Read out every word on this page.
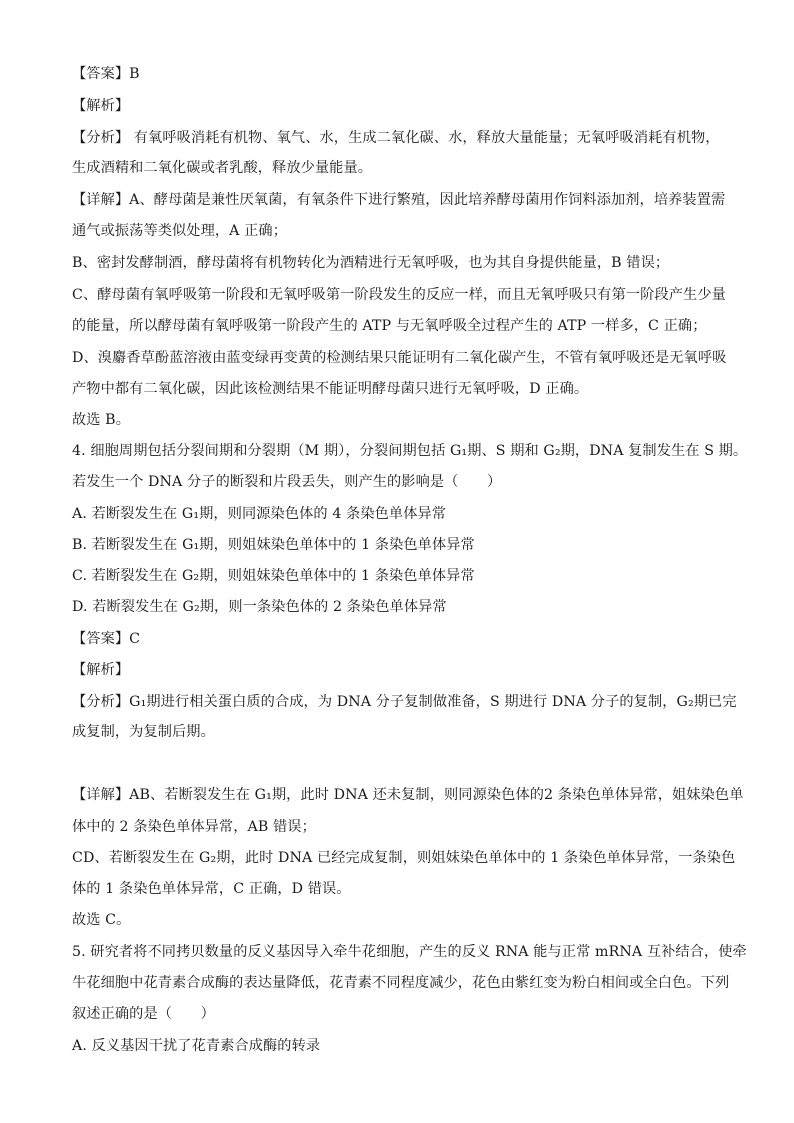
【答案】B
【解析】
【分析】 有氧呼吸消耗有机物、氧气、水，生成二氧化碳、水，释放大量能量；无氧呼吸消耗有机物，
生成酒精和二氧化碳或者乳酸，释放少量能量。
【详解】A、酵母菌是兼性厌氧菌，有氧条件下进行繁殖，因此培养酵母菌用作饲料添加剂，培养装置需
通气或振荡等类似处理，A 正确；
B、密封发酵制酒，酵母菌将有机物转化为酒精进行无氧呼吸，也为其自身提供能量，B 错误；
C、酵母菌有氧呼吸第一阶段和无氧呼吸第一阶段发生的反应一样，而且无氧呼吸只有第一阶段产生少量
的能量，所以酵母菌有氧呼吸第一阶段产生的 ATP 与无氧呼吸全过程产生的 ATP 一样多，C 正确；
D、溴麝香草酚蓝溶液由蓝变绿再变黄的检测结果只能证明有二氧化碳产生，不管有氧呼吸还是无氧呼吸
产物中都有二氧化碳，因此该检测结果不能证明酵母菌只进行无氧呼吸，D 正确。
故选 B。
4. 细胞周期包括分裂间期和分裂期（M 期），分裂间期包括 G₁期、S 期和 G₂期，DNA 复制发生在 S 期。
若发生一个 DNA 分子的断裂和片段丢失，则产生的影响是（　　）
A. 若断裂发生在 G₁期，则同源染色体的 4 条染色单体异常
B. 若断裂发生在 G₁期，则姐妹染色单体中的 1 条染色单体异常
C. 若断裂发生在 G₂期，则姐妹染色单体中的 1 条染色单体异常
D. 若断裂发生在 G₂期，则一条染色体的 2 条染色单体异常
【答案】C
【解析】
【分析】G₁期进行相关蛋白质的合成，为 DNA 分子复制做准备，S 期进行 DNA 分子的复制，G₂期已完
成复制，为复制后期。
【详解】AB、若断裂发生在 G₁期，此时 DNA 还未复制，则同源染色体的2 条染色单体异常，姐妹染色单
体中的 2 条染色单体异常，AB 错误；
CD、若断裂发生在 G₂期，此时 DNA 已经完成复制，则姐妹染色单体中的 1 条染色单体异常，一条染色
体的 1 条染色单体异常，C 正确，D 错误。
故选 C。
5. 研究者将不同拷贝数量的反义基因导入牵牛花细胞，产生的反义 RNA 能与正常 mRNA 互补结合，使牵
牛花细胞中花青素合成酶的表达量降低，花青素不同程度减少，花色由紫红变为粉白相间或全白色。下列
叙述正确的是（　　）
A. 反义基因干扰了花青素合成酶的转录
